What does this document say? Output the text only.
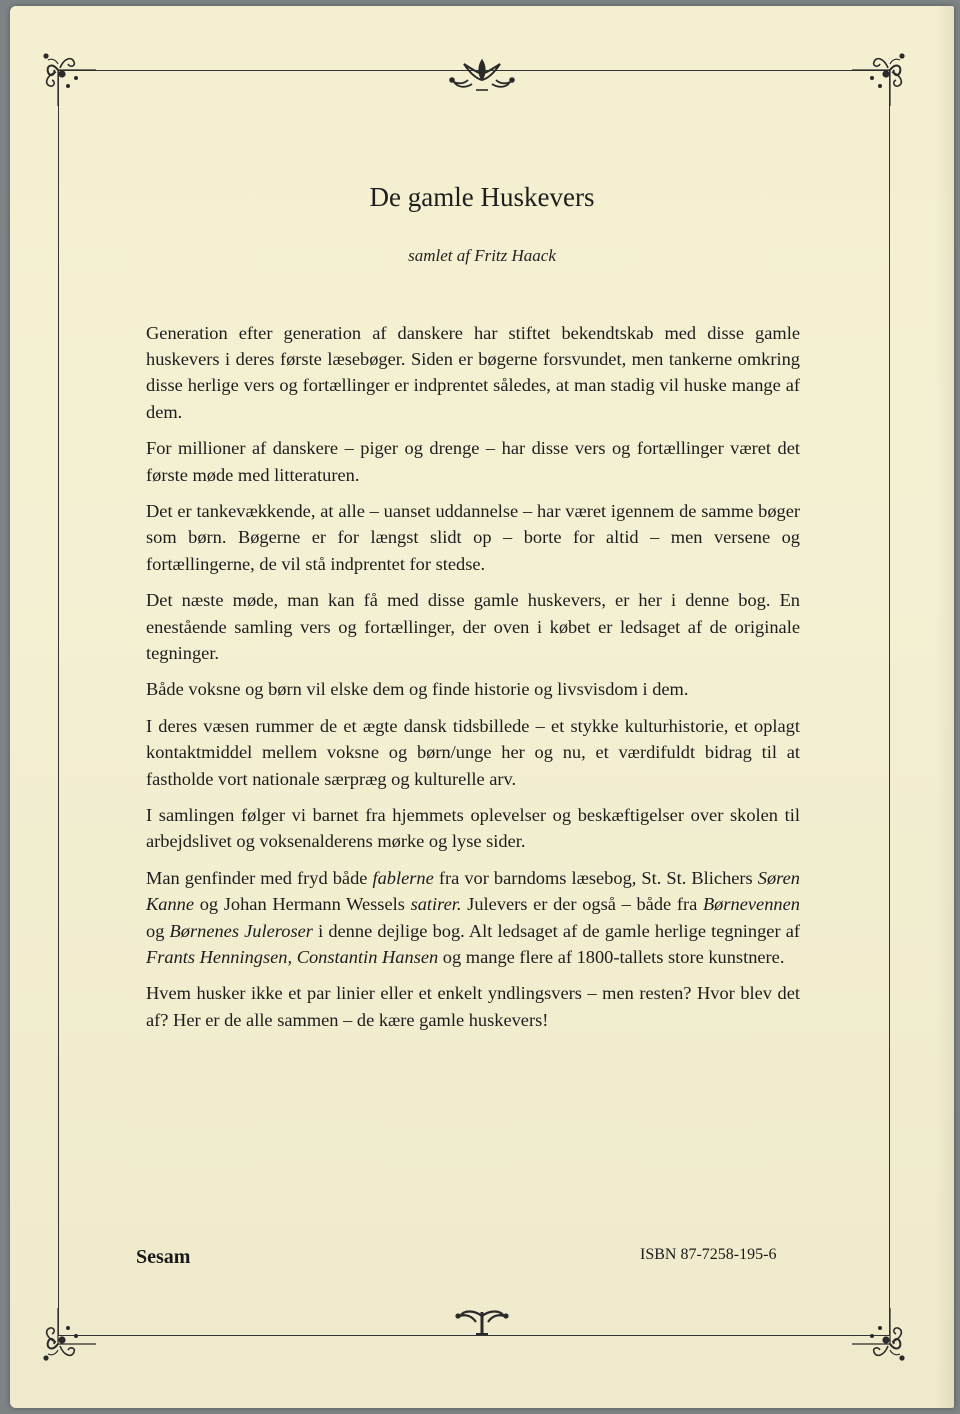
De gamle Huskevers
samlet af Fritz Haack

Generation efter generation af danskere har stiftet bekendtskab med disse gamle huskevers i deres første læsebøger. Siden er bøgerne forsvundet, men tankerne omkring disse herlige vers og fortællinger er indprentet således, at man stadig vil huske mange af dem.

For millioner af danskere – piger og drenge – har disse vers og fortællinger været det første møde med litteraturen.

Det er tankevækkende, at alle – uanset uddannelse – har været igennem de samme bøger som børn. Bøgerne er for længst slidt op – borte for altid – men versene og fortællingerne, de vil stå indprentet for stedse.

Det næste møde, man kan få med disse gamle huskevers, er her i denne bog. En enestående samling vers og fortællinger, der oven i købet er ledsaget af de originale tegninger.

Både voksne og børn vil elske dem og finde historie og livsvisdom i dem.

I deres væsen rummer de et ægte dansk tidsbillede – et stykke kulturhistorie, et oplagt kontaktmiddel mellem voksne og børn/unge her og nu, et værdifuldt bidrag til at fastholde vort nationale særpræg og kulturelle arv.

I samlingen følger vi barnet fra hjemmets oplevelser og beskæftigelser over skolen til arbejdslivet og voksenalderens mørke og lyse sider.

Man genfinder med fryd både fablerne fra vor barndoms læsebog, St. St. Blichers Søren Kanne og Johan Hermann Wessels satirer. Julevers er der også – både fra Børnevennen og Børnenes Juleroser i denne dejlige bog. Alt ledsaget af de gamle herlige tegninger af Frants Henningsen, Constantin Hansen og mange flere af 1800-tallets store kunstnere.

Hvem husker ikke et par linier eller et enkelt yndlingsvers – men resten? Hvor blev det af? Her er de alle sammen – de kære gamle huskevers!

Sesam	ISBN 87-7258-195-6
